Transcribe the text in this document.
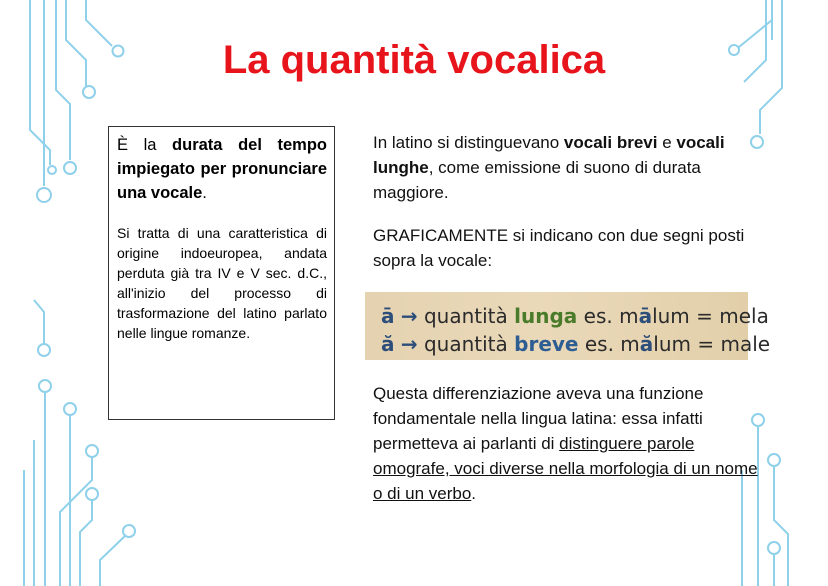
La quantità vocalica

È la durata del tempo impiegato per pronunciare una vocale.

Si tratta di una caratteristica di origine indoeuropea, andata perduta già tra IV e V sec. d.C., all'inizio del processo di trasformazione del latino parlato nelle lingue romanze.

In latino si distinguevano vocali brevi e vocali lunghe, come emissione di suono di durata maggiore.

GRAFICAMENTE si indicano con due segni posti sopra la vocale:

ā → quantità lunga es. mālum = mela
ă → quantità breve es. mălum = male

Questa differenziazione aveva una funzione fondamentale nella lingua latina: essa infatti permetteva ai parlanti di distinguere parole omografe, voci diverse nella morfologia di un nome o di un verbo.
